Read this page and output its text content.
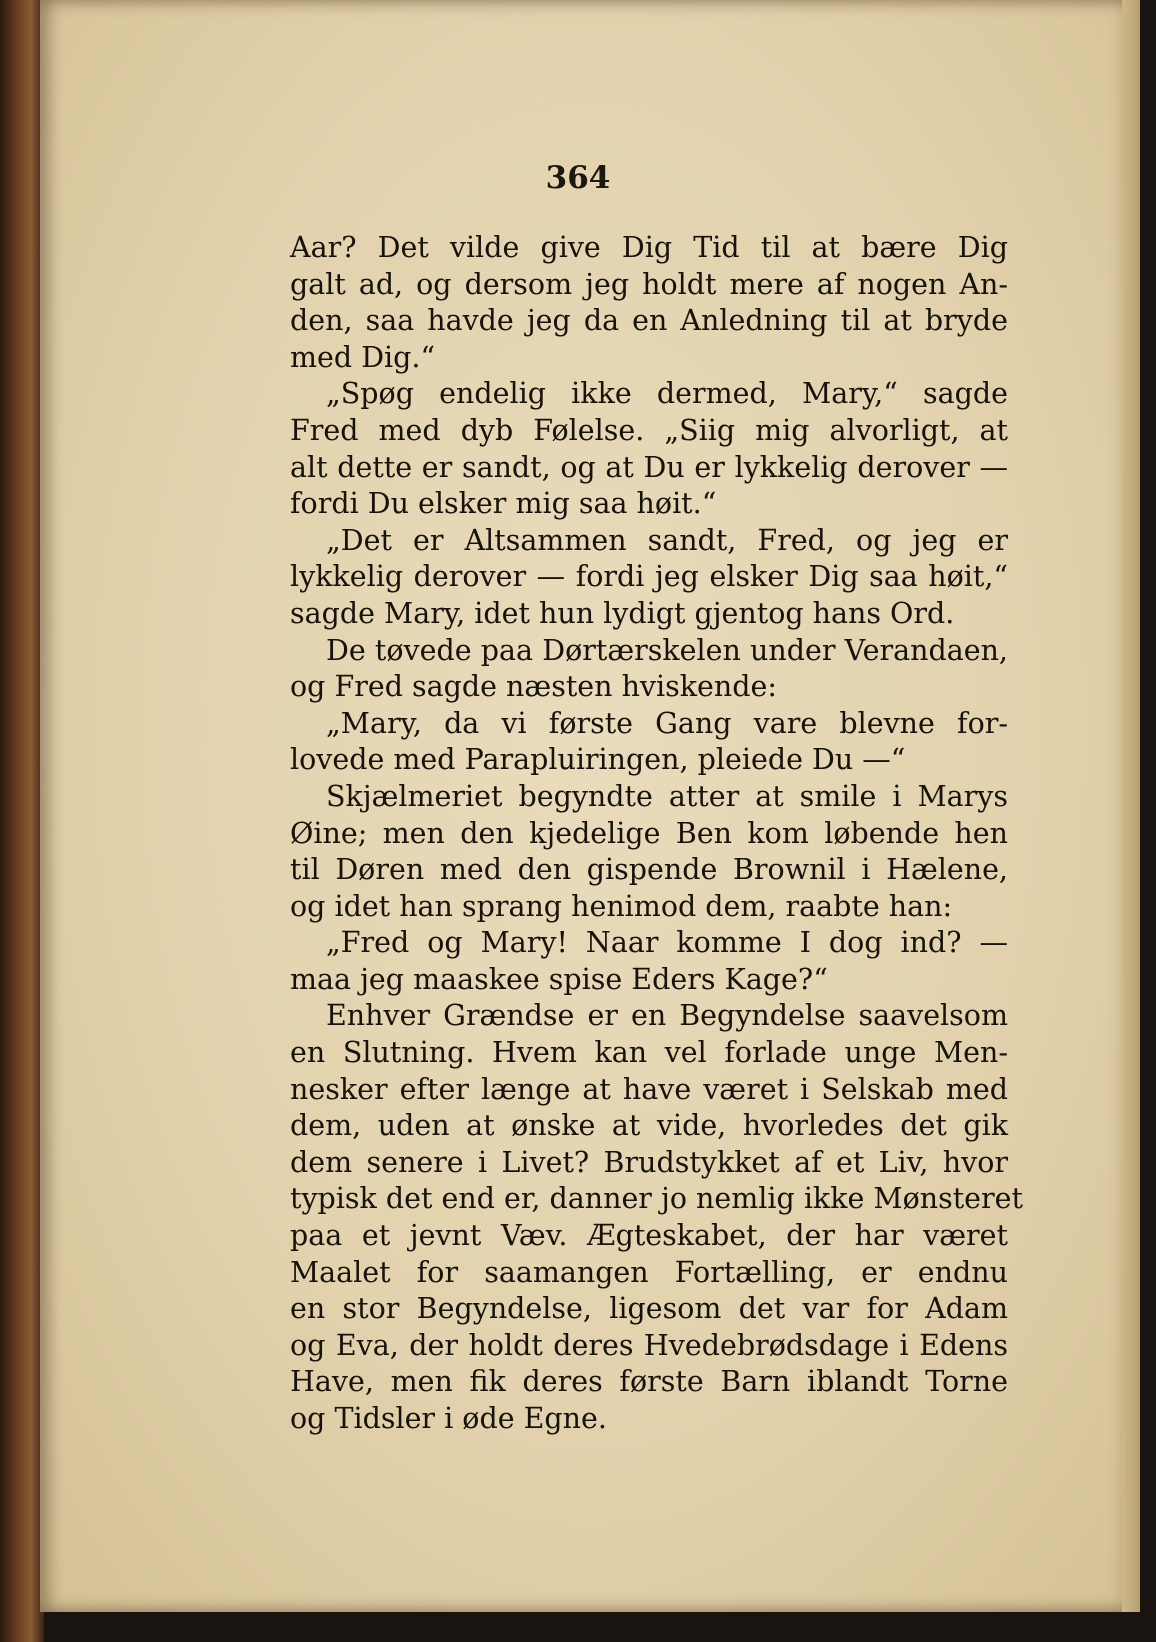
364
Aar? Det vilde give Dig Tid til at bære Dig
galt ad, og dersom jeg holdt mere af nogen An-
den, saa havde jeg da en Anledning til at bryde
med Dig.“
„Spøg endelig ikke dermed, Mary,“ sagde
Fred med dyb Følelse. „Siig mig alvorligt, at
alt dette er sandt, og at Du er lykkelig derover —
fordi Du elsker mig saa høit.“
„Det er Altsammen sandt, Fred, og jeg er
lykkelig derover — fordi jeg elsker Dig saa høit,“
sagde Mary, idet hun lydigt gjentog hans Ord.
De tøvede paa Dørtærskelen under Verandaen,
og Fred sagde næsten hviskende:
„Mary, da vi første Gang vare blevne for-
lovede med Parapluiringen, pleiede Du —“
Skjælmeriet begyndte atter at smile i Marys
Øine; men den kjedelige Ben kom løbende hen
til Døren med den gispende Brownil i Hælene,
og idet han sprang henimod dem, raabte han:
„Fred og Mary! Naar komme I dog ind? —
maa jeg maaskee spise Eders Kage?“
Enhver Grændse er en Begyndelse saavelsom
en Slutning. Hvem kan vel forlade unge Men-
nesker efter længe at have været i Selskab med
dem, uden at ønske at vide, hvorledes det gik
dem senere i Livet? Brudstykket af et Liv, hvor
typisk det end er, danner jo nemlig ikke Mønsteret
paa et jevnt Væv. Ægteskabet, der har været
Maalet for saamangen Fortælling, er endnu
en stor Begyndelse, ligesom det var for Adam
og Eva, der holdt deres Hvedebrødsdage i Edens
Have, men fik deres første Barn iblandt Torne
og Tidsler i øde Egne.
